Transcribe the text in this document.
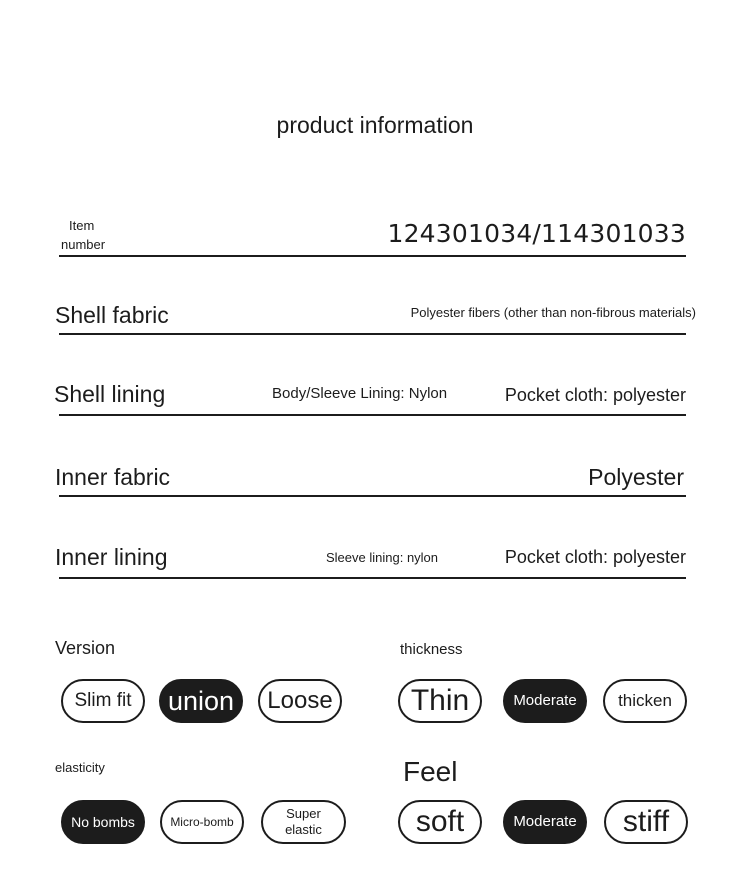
product information
Item
number	124301034/114301033
Shell fabric	Polyester fibers (other than non-fibrous materials)
Shell lining	Body/Sleeve Lining: Nylon	Pocket cloth: polyester
Inner fabric	Polyester
Inner lining	Sleeve lining: nylon	Pocket cloth: polyester
Version
Slim fit	union	Loose
thickness
Thin	Moderate	thicken
elasticity
No bombs	Micro-bomb
Super elastic
Feel
soft	Moderate	stiff
